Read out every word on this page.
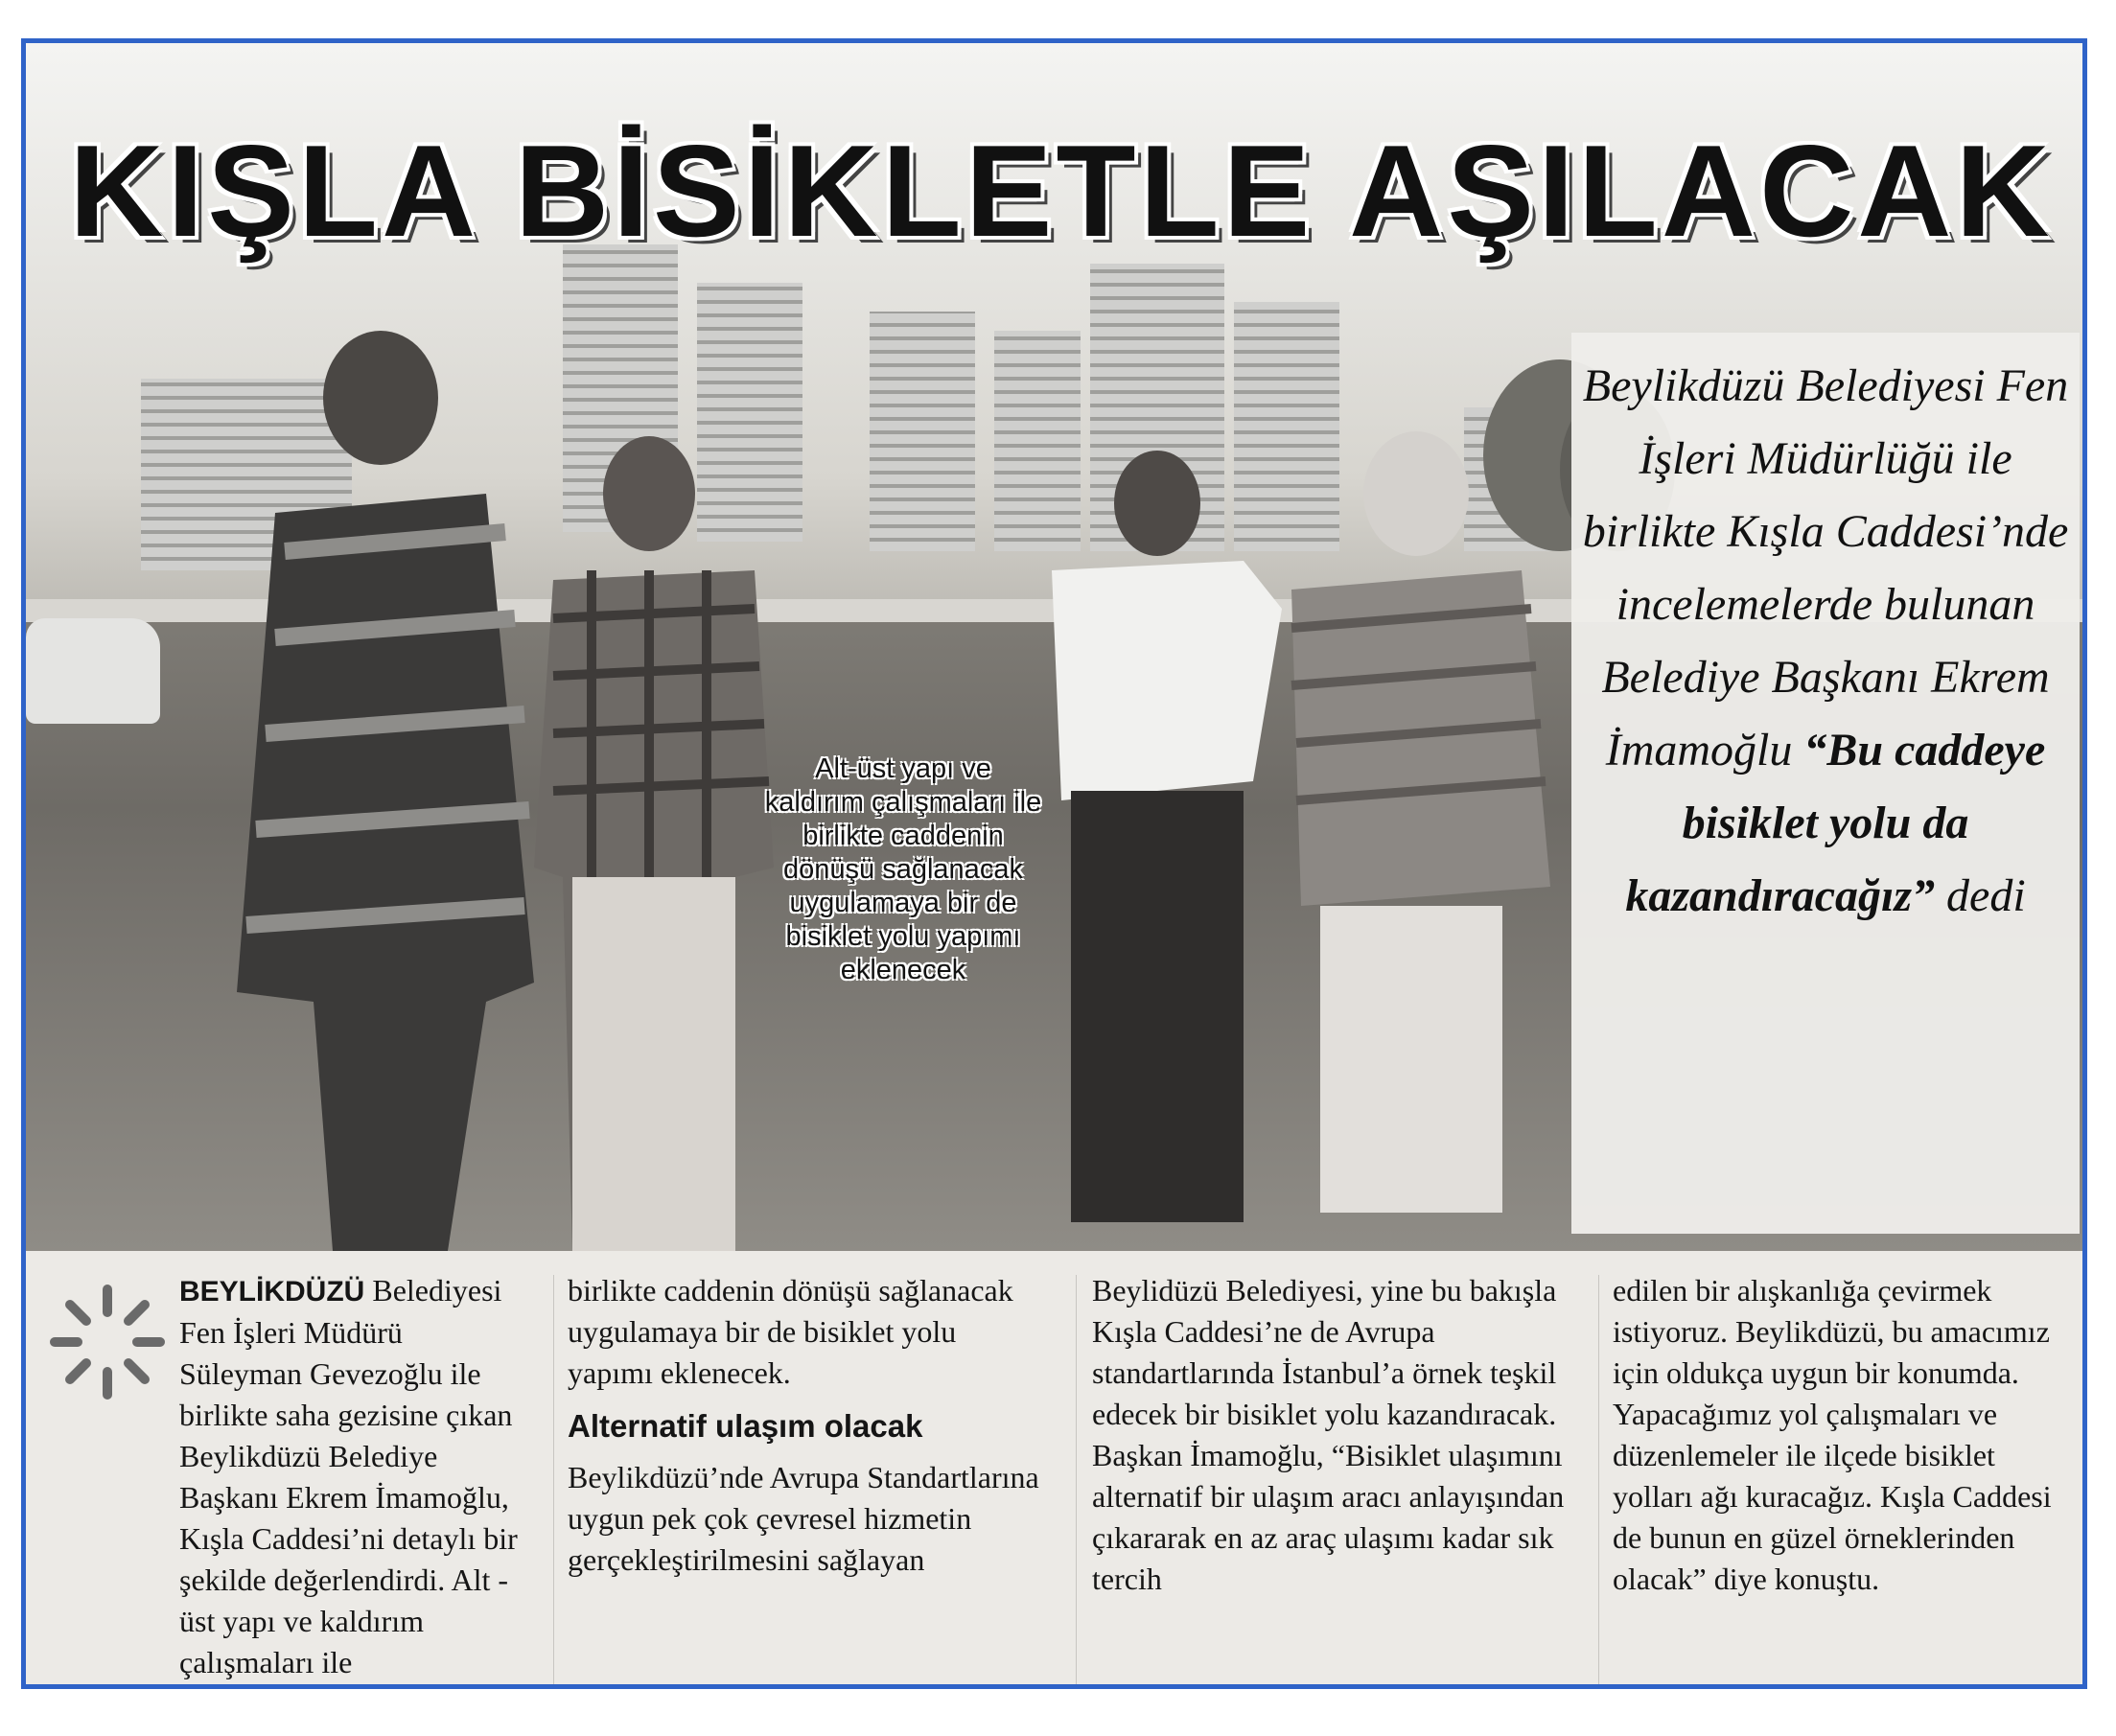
KIŞLA BİSİKLETLE AŞILACAK
Alt-üst yapı ve kaldırım çalışmaları ile birlikte caddenin dönüşü sağlanacak uygulamaya bir de bisiklet yolu yapımı eklenecek
Beylikdüzü Belediyesi Fen İşleri Müdürlüğü ile birlikte Kışla Caddesi’nde incelemelerde bulunan Belediye Başkanı Ekrem İmamoğlu “Bu caddeye bisiklet yolu da kazandıracağız” dedi

BEYLİKDÜZÜ Belediyesi Fen İşleri Müdürü Süleyman Gevezoğlu ile birlikte saha gezisine çıkan Beylikdüzü Belediye Başkanı Ekrem İmamoğlu, Kışla Caddesi’ni detaylı bir şekilde değerlendirdi. Alt - üst yapı ve kaldırım çalışmaları ile

birlikte caddenin dönüşü sağlanacak uygulamaya bir de bisiklet yolu yapımı eklenecek.

Alternatif ulaşım olacak

Beylikdüzü’nde Avrupa Standartlarına uygun pek çok çevresel hizmetin gerçekleştirilmesini sağlayan

Beylidüzü Belediyesi, yine bu bakışla Kışla Caddesi’ne de Avrupa standartlarında İstanbul’a örnek teşkil edecek bir bisiklet yolu kazandıracak. Başkan İmamoğlu, “Bisiklet ulaşımını alternatif bir ulaşım aracı anlayışından çıkararak en az araç ulaşımı kadar sık tercih

edilen bir alışkanlığa çevirmek istiyoruz. Beylikdüzü, bu amacımız için oldukça uygun bir konumda. Yapacağımız yol çalışmaları ve düzenlemeler ile ilçede bisiklet yolları ağı kuracağız. Kışla Caddesi de bunun en güzel örneklerinden olacak” diye konuştu.
